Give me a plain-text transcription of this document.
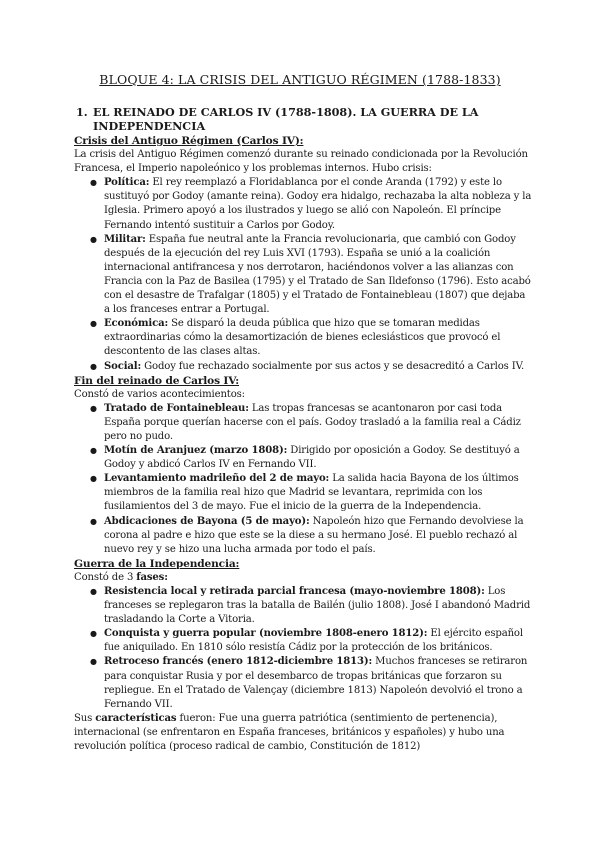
BLOQUE 4: LA CRISIS DEL ANTIGUO RÉGIMEN (1788-1833)
1. EL REINADO DE CARLOS IV (1788-1808). LA GUERRA DE LA INDEPENDENCIA

Crisis del Antiguo Régimen (Carlos IV):

La crisis del Antiguo Régimen comenzó durante su reinado condicionada por la Revolución Francesa, el Imperio napoleónico y los problemas internos. Hubo crisis:

● Política: El rey reemplazó a Floridablanca por el conde Aranda (1792) y este lo sustituyó por Godoy (amante reina). Godoy era hidalgo, rechazaba la alta nobleza y la Iglesia. Primero apoyó a los ilustrados y luego se alió con Napoleón. El príncipe Fernando intentó sustituir a Carlos por Godoy.
● Militar: España fue neutral ante la Francia revolucionaria, que cambió con Godoy después de la ejecución del rey Luis XVI (1793). España se unió a la coalición internacional antifrancesa y nos derrotaron, haciéndonos volver a las alianzas con Francia con la Paz de Basilea (1795) y el Tratado de San Ildefonso (1796). Esto acabó con el desastre de Trafalgar (1805) y el Tratado de Fontainebleau (1807) que dejaba a los franceses entrar a Portugal.
● Económica: Se disparó la deuda pública que hizo que se tomaran medidas extraordinarias cómo la desamortización de bienes eclesiásticos que provocó el descontento de las clases altas.
● Social: Godoy fue rechazado socialmente por sus actos y se desacreditó a Carlos IV.

Fin del reinado de Carlos IV:

Constó de varios acontecimientos:

● Tratado de Fontainebleau: Las tropas francesas se acantonaron por casi toda España porque querían hacerse con el país. Godoy trasladó a la familia real a Cádiz pero no pudo.
● Motín de Aranjuez (marzo 1808): Dirigido por oposición a Godoy. Se destituyó a Godoy y abdicó Carlos IV en Fernando VII.
● Levantamiento madrileño del 2 de mayo: La salida hacia Bayona de los últimos miembros de la familia real hizo que Madrid se levantara, reprimida con los fusilamientos del 3 de mayo. Fue el inicio de la guerra de la Independencia.
● Abdicaciones de Bayona (5 de mayo): Napoleón hizo que Fernando devolviese la corona al padre e hizo que este se la diese a su hermano José. El pueblo rechazó al nuevo rey y se hizo una lucha armada por todo el país.

Guerra de la Independencia:

Constó de 3 fases:

● Resistencia local y retirada parcial francesa (mayo-noviembre 1808): Los franceses se replegaron tras la batalla de Bailén (julio 1808). José I abandonó Madrid trasladando la Corte a Vitoria.
● Conquista y guerra popular (noviembre 1808-enero 1812): El ejército español fue aniquilado. En 1810 sólo resistía Cádiz por la protección de los británicos.
● Retroceso francés (enero 1812-diciembre 1813): Muchos franceses se retiraron para conquistar Rusia y por el desembarco de tropas británicas que forzaron su repliegue. En el Tratado de Valençay (diciembre 1813) Napoleón devolvió el trono a Fernando VII.

Sus características fueron: Fue una guerra patriótica (sentimiento de pertenencia), internacional (se enfrentaron en España franceses, británicos y españoles) y hubo una revolución política (proceso radical de cambio, Constitución de 1812)
